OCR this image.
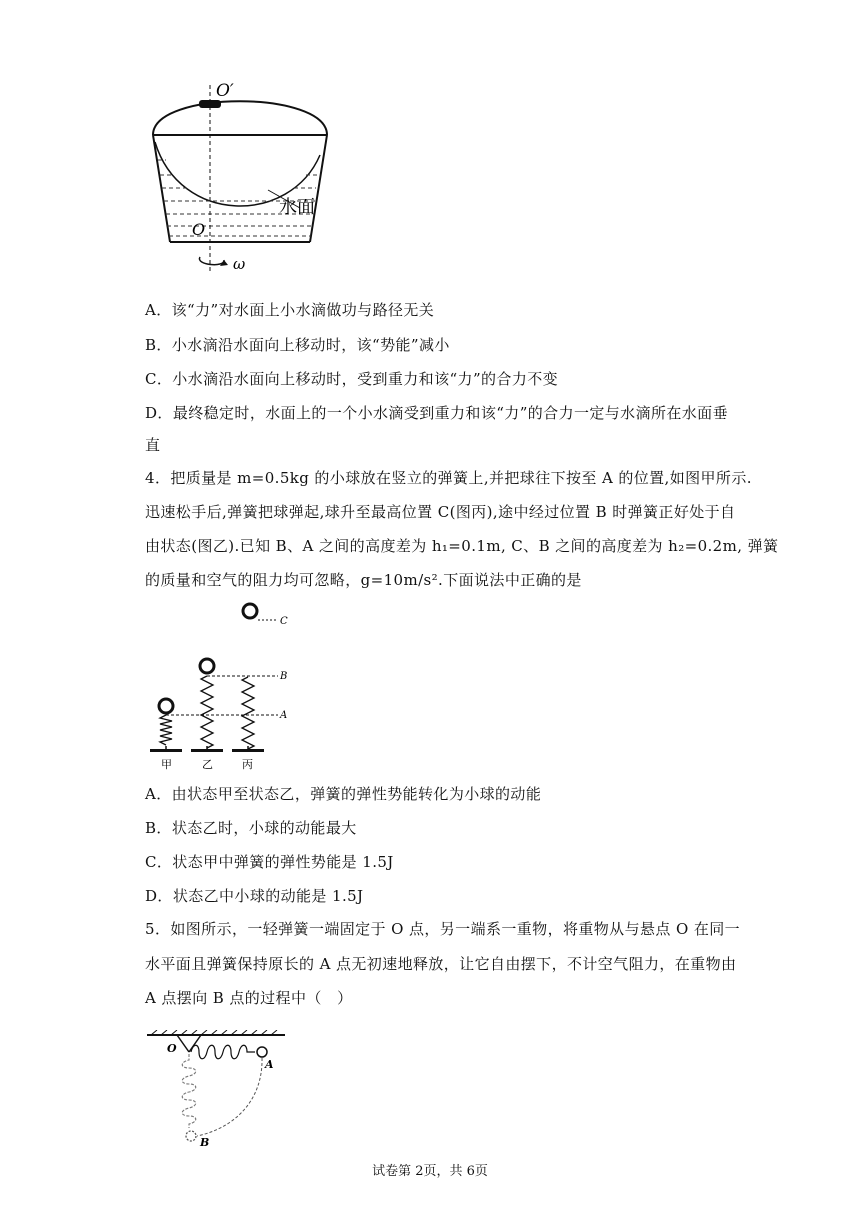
O′
O
水面
ω
A．该“力”对水面上小水滴做功与路径无关
B．小水滴沿水面向上移动时，该“势能”减小
C．小水滴沿水面向上移动时，受到重力和该“力”的合力不变
D．最终稳定时，水面上的一个小水滴受到重力和该“力”的合力一定与水滴所在水面垂
直
4．把质量是 m=0.5kg 的小球放在竖立的弹簧上,并把球往下按至 A 的位置,如图甲所示.
迅速松手后,弹簧把球弹起,球升至最高位置 C(图丙),途中经过位置 B 时弹簧正好处于自
由状态(图乙).已知 B、A 之间的高度差为 h₁=0.1m, C、B 之间的高度差为 h₂=0.2m, 弹簧
的质量和空气的阻力均可忽略，g=10m/s².下面说法中正确的是
C
B
A
甲	乙	丙
A．由状态甲至状态乙，弹簧的弹性势能转化为小球的动能
B．状态乙时，小球的动能最大
C．状态甲中弹簧的弹性势能是 1.5J
D．状态乙中小球的动能是 1.5J
5．如图所示，一轻弹簧一端固定于 O 点，另一端系一重物，将重物从与悬点 O 在同一
水平面且弹簧保持原长的 A 点无初速地释放，让它自由摆下，不计空气阻力，在重物由
A 点摆向 B 点的过程中（　）
O
A
B
试卷第 2页，共 6页
